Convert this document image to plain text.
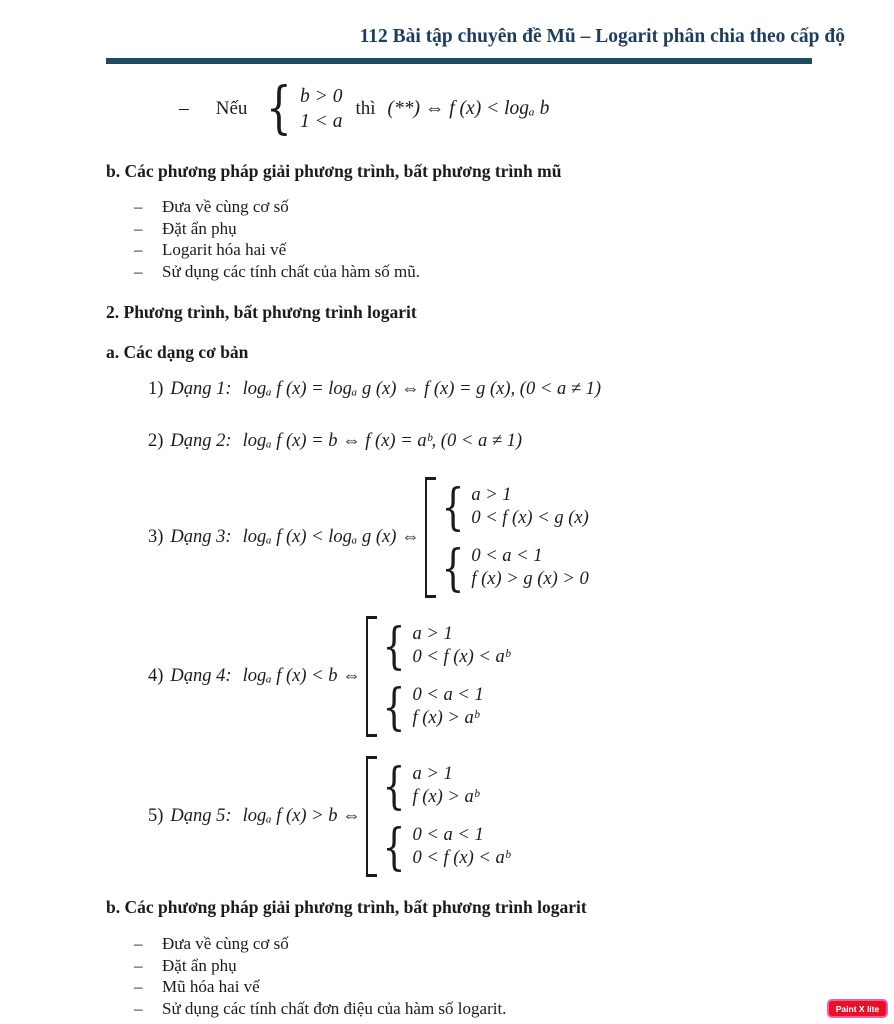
112 Bài tập chuyên đề Mũ – Logarit phân chia theo cấp độ
– Nếu { b > 0
1 < a
thì (**) ⇔ f (x) < logₐ b
b. Các phương pháp giải phương trình, bất phương trình mũ
–	Đưa về cùng cơ số
–	Đặt ẩn phụ
–	Logarit hóa hai vế
–	Sử dụng các tính chất của hàm số mũ.
2. Phương trình, bất phương trình logarit
a. Các dạng cơ bản
1) Dạng 1: logₐ f (x) = logₐ g (x) ⇔ f (x) = g (x), (0 < a ≠ 1)
2) Dạng 2: logₐ f (x) = b ⇔ f (x) = aᵇ, (0 < a ≠ 1)
3) Dạng 3: logₐ f (x) < logₐ g (x) ⇔
{ a > 1
0 < f (x) < g (x)
{ 0 < a < 1
f (x) > g (x) > 0
4) Dạng 4: logₐ f (x) < b ⇔
{ a > 1
0 < f (x) < aᵇ
{ 0 < a < 1
f (x) > aᵇ
5) Dạng 5: logₐ f (x) > b ⇔
{ a > 1
f (x) > aᵇ
{ 0 < a < 1
0 < f (x) < aᵇ
b. Các phương pháp giải phương trình, bất phương trình logarit
–	Đưa về cùng cơ số
–	Đặt ẩn phụ
–	Mũ hóa hai vế
–	Sử dụng các tính chất đơn điệu của hàm số logarit.	Paint X lite
